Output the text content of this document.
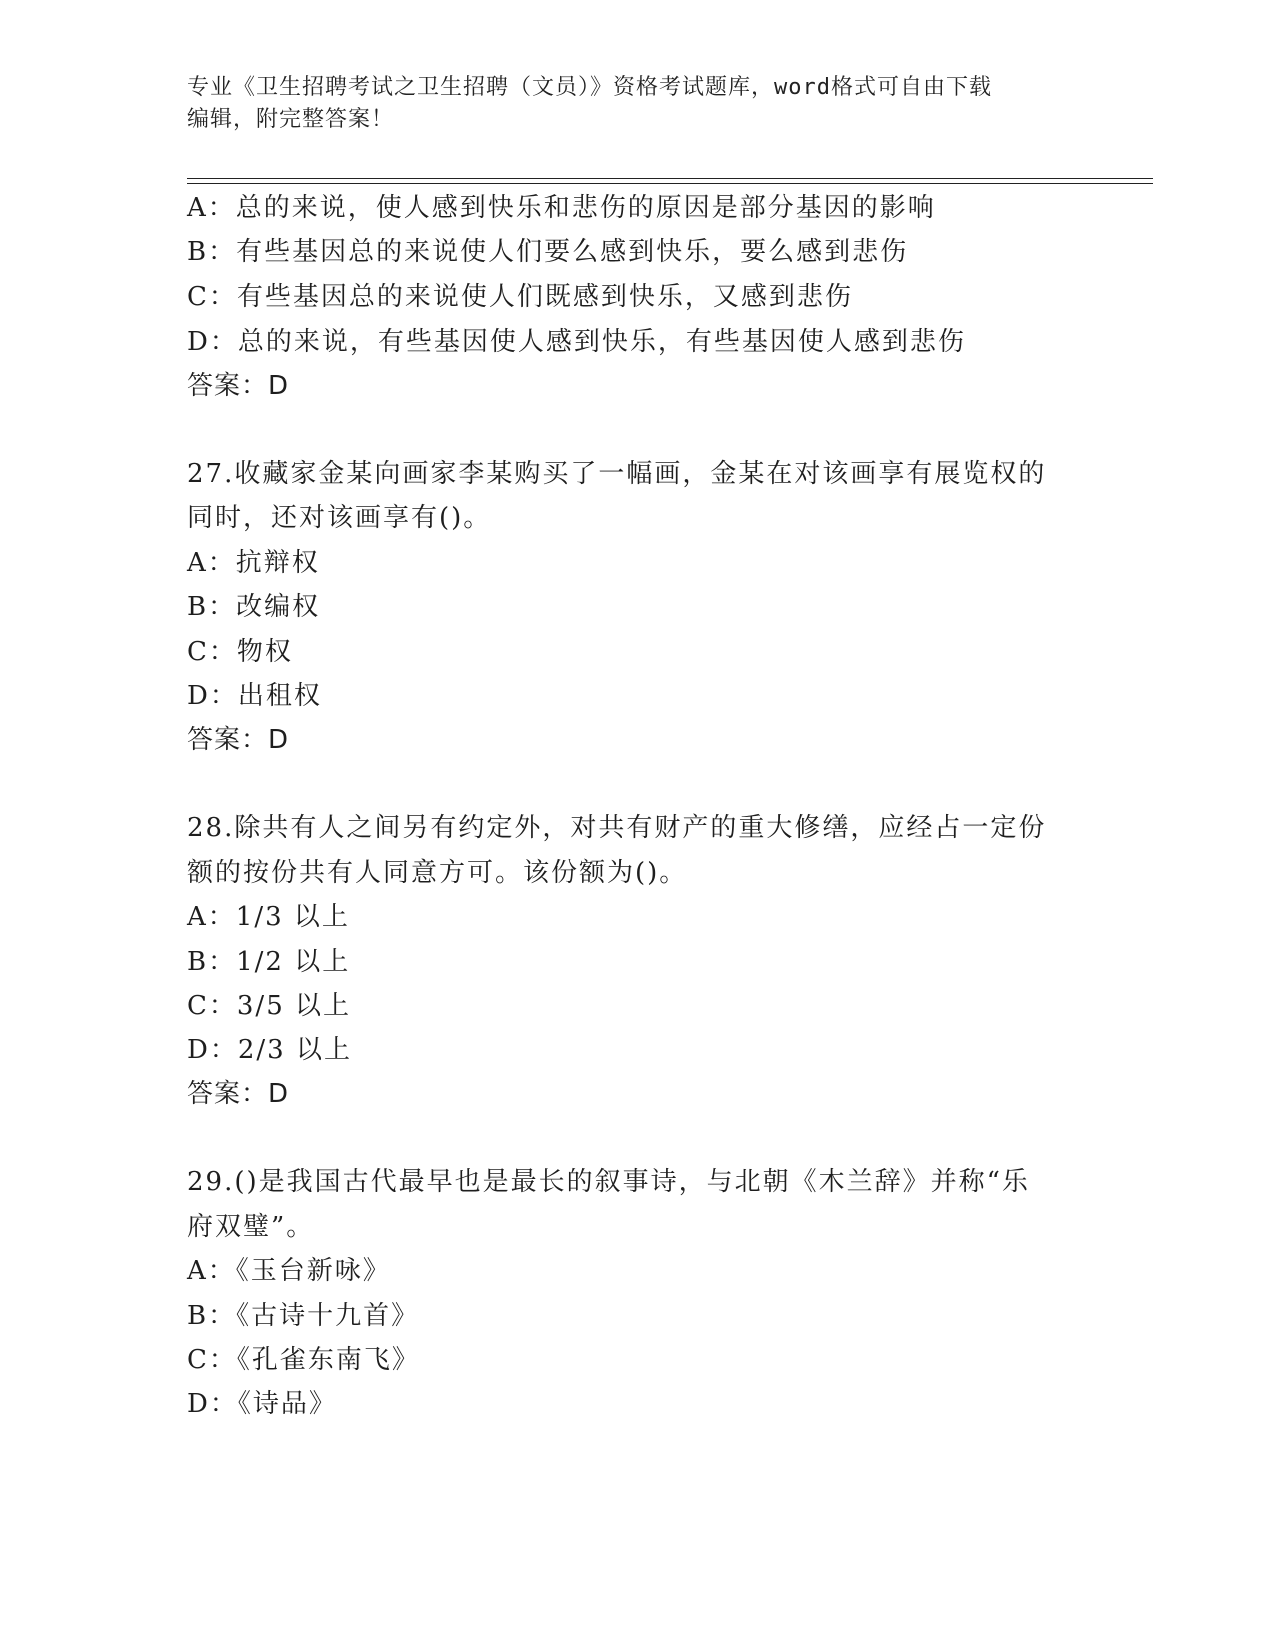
专业《卫生招聘考试之卫生招聘（文员）》资格考试题库，word格式可自由下载
编辑，附完整答案！
A：总的来说，使人感到快乐和悲伤的原因是部分基因的影响
B：有些基因总的来说使人们要么感到快乐，要么感到悲伤
C：有些基因总的来说使人们既感到快乐，又感到悲伤
D：总的来说，有些基因使人感到快乐，有些基因使人感到悲伤
答案：D
27.收藏家金某向画家李某购买了一幅画，金某在对该画享有展览权的
同时，还对该画享有()。
A：抗辩权
B：改编权
C：物权
D：出租权
答案：D
28.除共有人之间另有约定外，对共有财产的重大修缮，应经占一定份
额的按份共有人同意方可。该份额为()。
A：1/3 以上
B：1/2 以上
C：3/5 以上
D：2/3 以上
答案：D
29.()是我国古代最早也是最长的叙事诗，与北朝《木兰辞》并称“乐
府双璧”。
A：《玉台新咏》
B：《古诗十九首》
C：《孔雀东南飞》
D：《诗品》
